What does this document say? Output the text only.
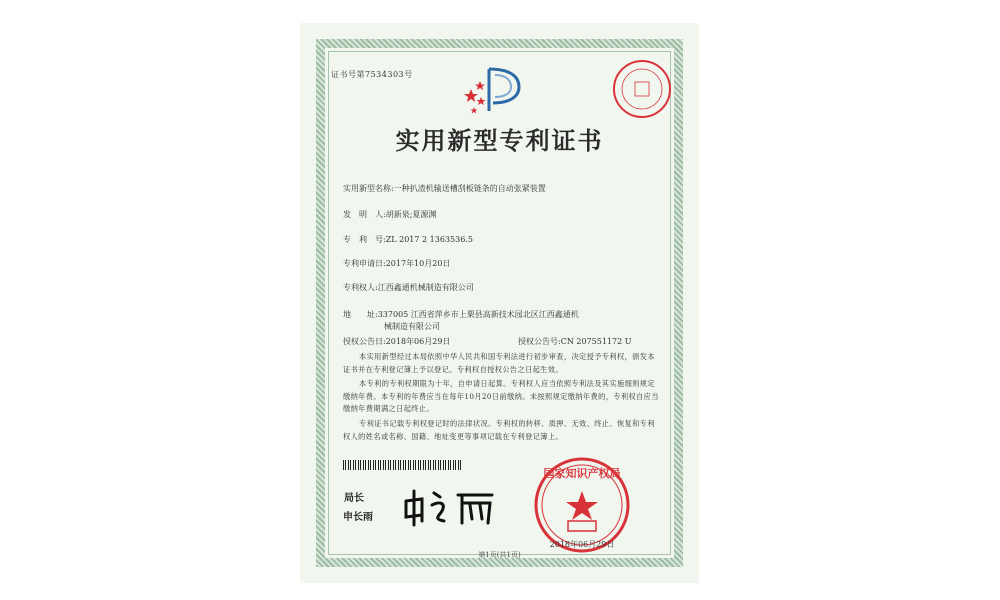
证书号第7534303号
实用新型专利证书
实用新型名称:一种扒渣机输送槽刮板链条的自动张紧装置
发　明　人:胡新泉;夏源渊
专　利　号:ZL 2017 2 1363536.5
专利申请日:2017年10月20日
专利权人:江西鑫通机械制造有限公司
地　　址:337005 江西省萍乡市上栗县高新技术园北区江西鑫通机
械制造有限公司
授权公告日:2018年06月29日	授权公告号:CN 207551172 U
本实用新型经过本局依照中华人民共和国专利法进行初步审查，决定授予专利权，颁发本证书并在专利登记簿上予以登记。专利权自授权公告之日起生效。
本专利的专利权期限为十年，自申请日起算。专利权人应当依照专利法及其实施细则规定缴纳年费。本专利的年费应当在每年10月20日前缴纳。未按照规定缴纳年费的，专利权自应当缴纳年费期满之日起终止。
专利证书记载专利权登记时的法律状况。专利权的转移、质押、无效、终止、恢复和专利权人的姓名或名称、国籍、地址变更等事项记载在专利登记簿上。
局长
申长雨
国家知识产权局
2018年06月29日
第1页(共1页)
